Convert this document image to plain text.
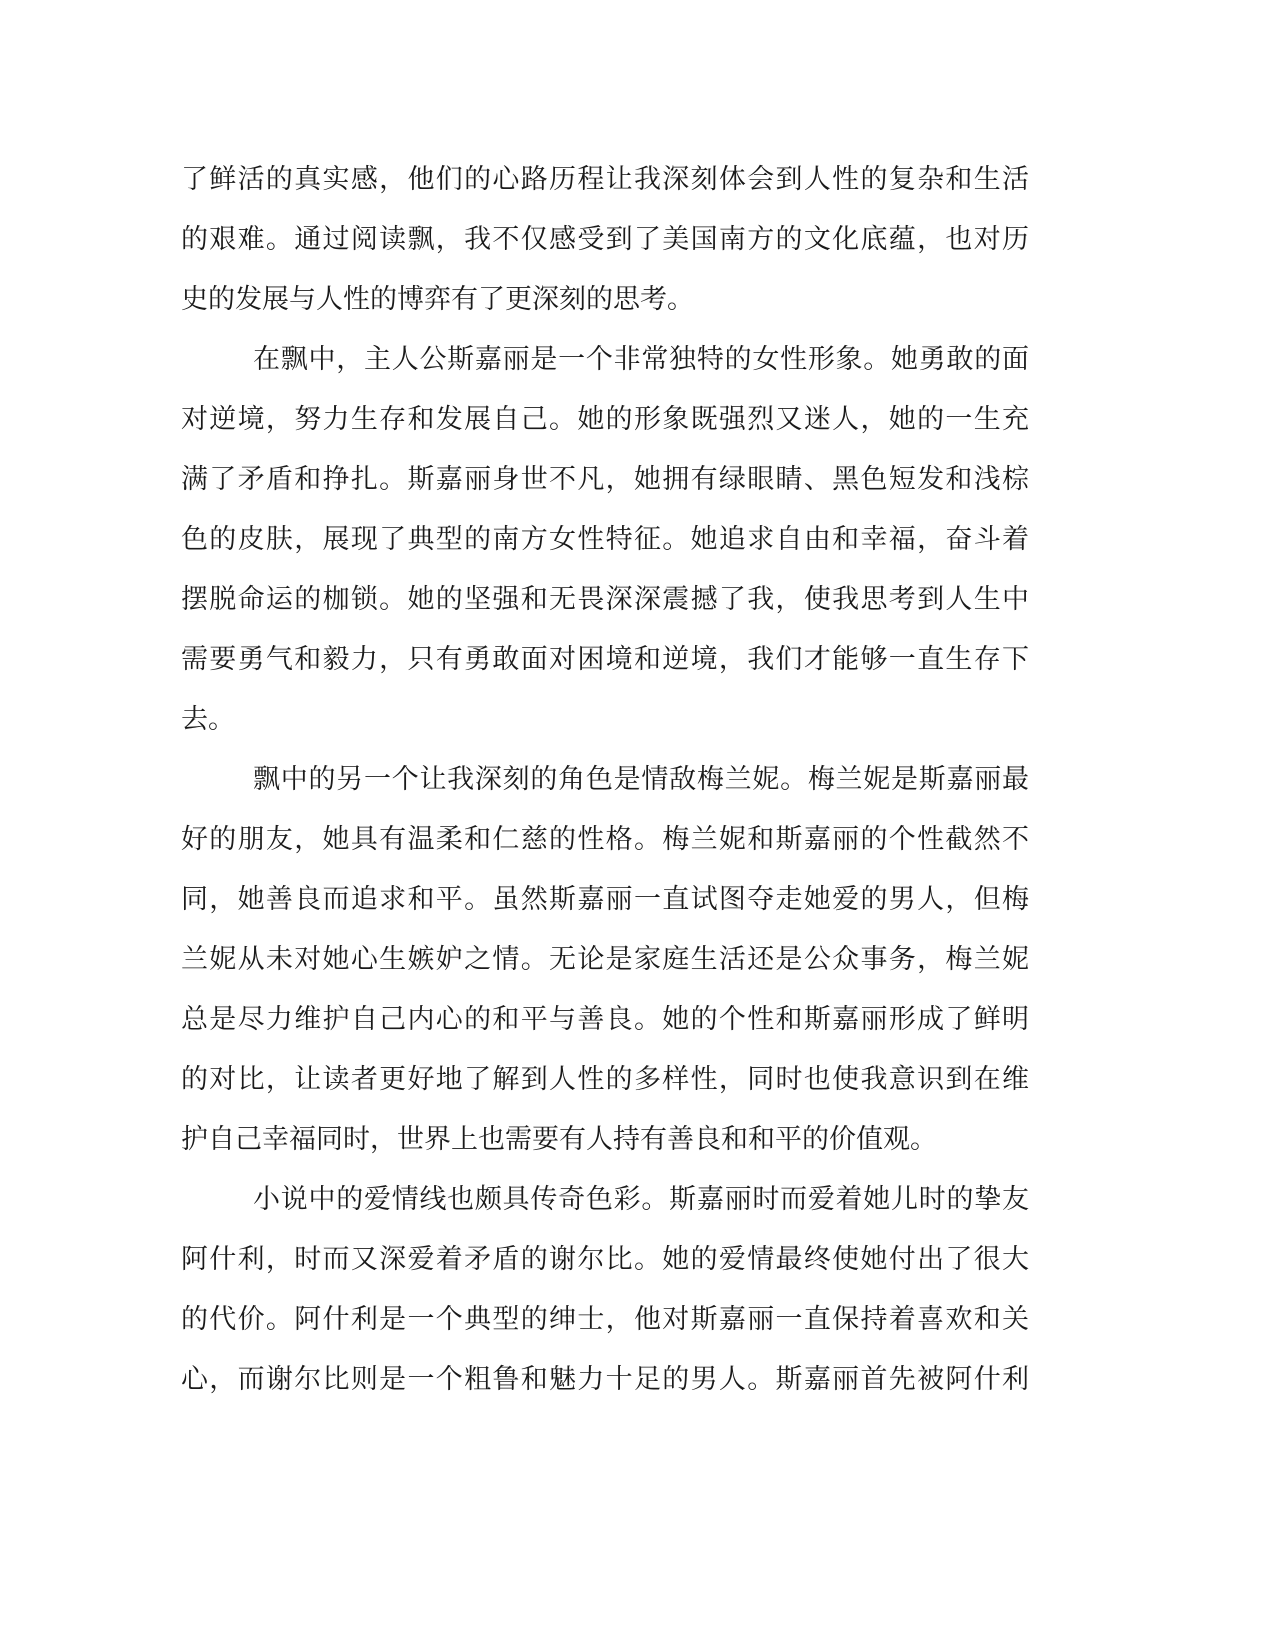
了鲜活的真实感，他们的心路历程让我深刻体会到人性的复杂和生活
的艰难。通过阅读飘，我不仅感受到了美国南方的文化底蕴，也对历
史的发展与人性的博弈有了更深刻的思考。
在飘中，主人公斯嘉丽是一个非常独特的女性形象。她勇敢的面
对逆境，努力生存和发展自己。她的形象既强烈又迷人，她的一生充
满了矛盾和挣扎。斯嘉丽身世不凡，她拥有绿眼睛、黑色短发和浅棕
色的皮肤，展现了典型的南方女性特征。她追求自由和幸福，奋斗着
摆脱命运的枷锁。她的坚强和无畏深深震撼了我，使我思考到人生中
需要勇气和毅力，只有勇敢面对困境和逆境，我们才能够一直生存下
去。
飘中的另一个让我深刻的角色是情敌梅兰妮。梅兰妮是斯嘉丽最
好的朋友，她具有温柔和仁慈的性格。梅兰妮和斯嘉丽的个性截然不
同，她善良而追求和平。虽然斯嘉丽一直试图夺走她爱的男人，但梅
兰妮从未对她心生嫉妒之情。无论是家庭生活还是公众事务，梅兰妮
总是尽力维护自己内心的和平与善良。她的个性和斯嘉丽形成了鲜明
的对比，让读者更好地了解到人性的多样性，同时也使我意识到在维
护自己幸福同时，世界上也需要有人持有善良和和平的价值观。
小说中的爱情线也颇具传奇色彩。斯嘉丽时而爱着她儿时的挚友
阿什利，时而又深爱着矛盾的谢尔比。她的爱情最终使她付出了很大
的代价。阿什利是一个典型的绅士，他对斯嘉丽一直保持着喜欢和关
心，而谢尔比则是一个粗鲁和魅力十足的男人。斯嘉丽首先被阿什利
